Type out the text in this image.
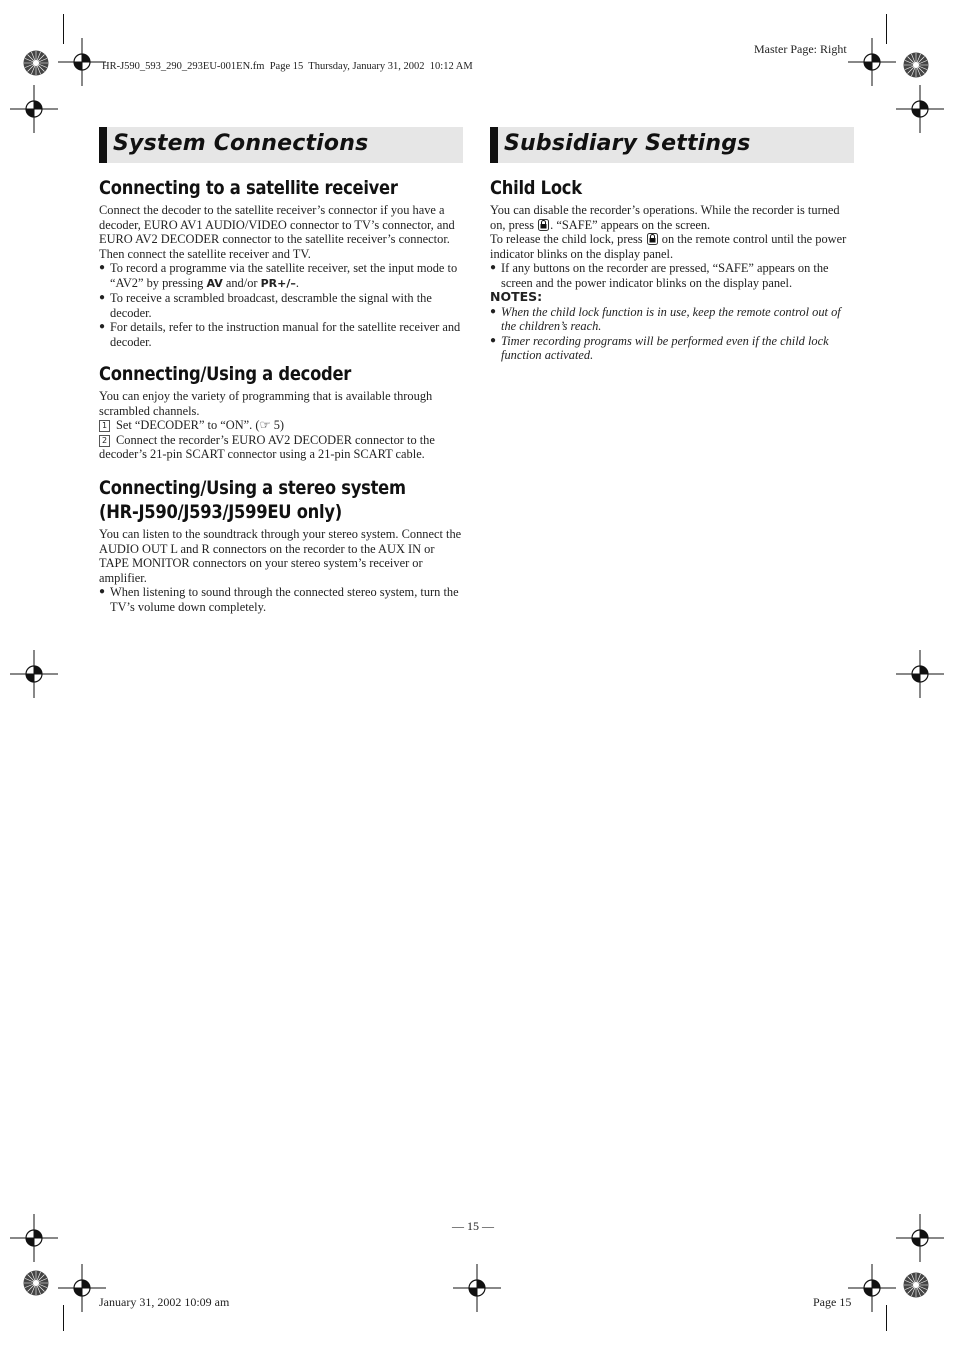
Master Page: Right
HR-J590_593_290_293EU-001EN.fm  Page 15  Thursday, January 31, 2002  10:12 AM
System Connections
Connecting to a satellite receiver

Connect the decoder to the satellite receiver’s connector if you have a decoder, EURO AV1 AUDIO/VIDEO connector to TV’s connector, and EURO AV2 DECODER connector to the satellite receiver’s connector. Then connect the satellite receiver and TV.

● To record a programme via the satellite receiver, set the input mode to “AV2” by pressing AV and/or PR+/–.
● To receive a scrambled broadcast, descramble the signal with the decoder.
● For details, refer to the instruction manual for the satellite receiver and decoder.
Connecting/Using a decoder

You can enjoy the variety of programming that is available through scrambled channels.

1 Set “DECODER” to “ON”. (☞ 5)

2 Connect the recorder’s EURO AV2 DECODER connector to the decoder’s 21-pin SCART connector using a 21-pin SCART cable.

Connecting/Using a stereo system
(HR-J590/J593/J599EU only)

You can listen to the soundtrack through your stereo system. Connect the AUDIO OUT L and R connectors on the recorder to the AUX IN or TAPE MONITOR connectors on your stereo system’s receiver or amplifier.

● When listening to sound through the connected stereo system, turn the TV’s volume down completely.
Subsidiary Settings
Child Lock

You can disable the recorder’s operations. While the recorder is turned on, press . “SAFE” appears on the screen.

To release the child lock, press  on the remote control until the power indicator blinks on the display panel.

● If any buttons on the recorder are pressed, “SAFE” appears on the screen and the power indicator blinks on the display panel.
NOTES:
● When the child lock function is in use, keep the remote control out of the children’s reach.
● Timer recording programs will be performed even if the child lock function activated.
— 15 —
January 31, 2002 10:09 am	Page 15
